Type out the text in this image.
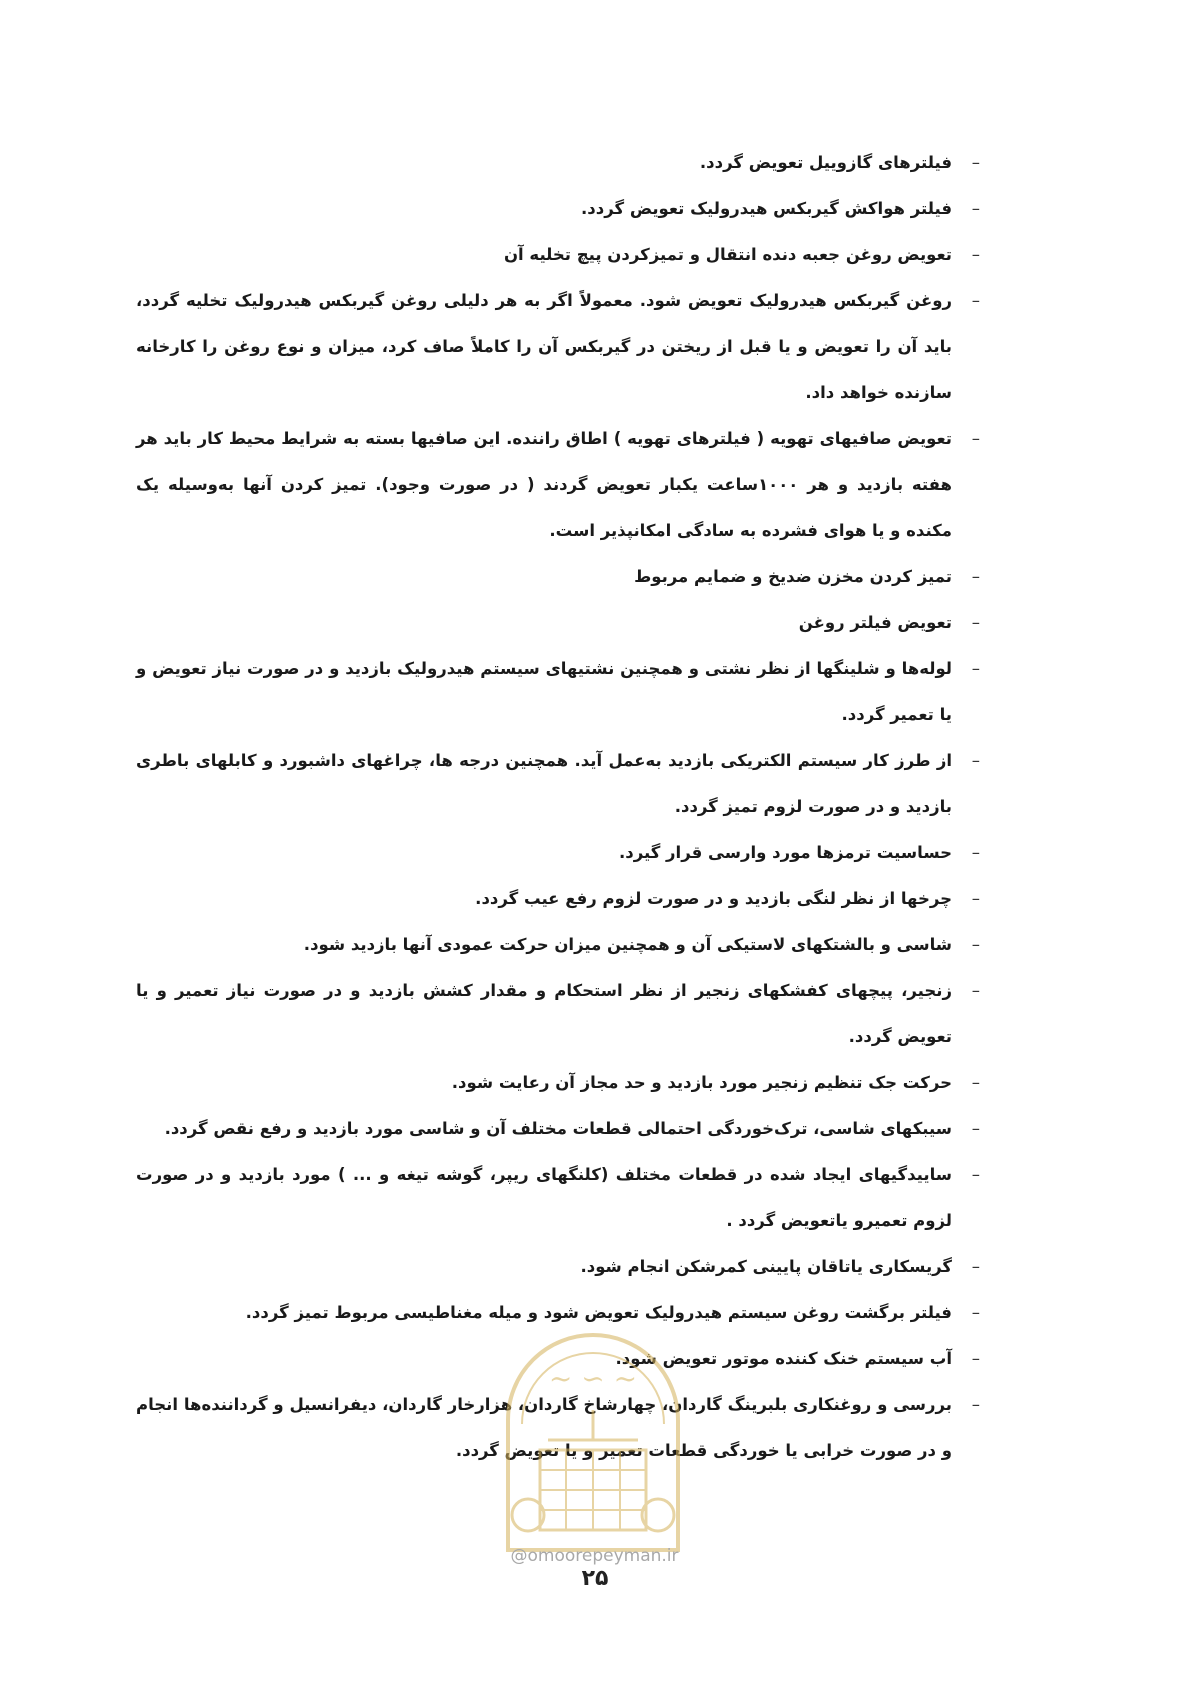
–
فیلترهای گازوییل تعویض گردد.
–
فیلتر هواکش گیربکس هیدرولیک تعویض گردد.
–
تعویض روغن جعبه دنده انتقال و تمیزکردن پیچ تخلیه آن
–
روغن گیربکس هیدرولیک تعویض شود. معمولاً اگر به هر دلیلی روغن گیربکس هیدرولیک تخلیه گردد، باید آن را تعویض و یا قبل از ریختن در گیربکس آن را کاملاً صاف کرد، میزان و نوع روغن را کارخانه سازنده خواهد داد.
–
تعویض صافیهای تهویه ( فیلترهای تهویه ) اطاق راننده. این صافیها بسته به شرایط محیط کار باید هر هفته بازدید و هر ۱۰۰۰ساعت یکبار تعویض گردند ( در صورت وجود). تمیز کردن آنها به‌وسیله یک مکنده و یا هوای فشرده به سادگی امکانپذیر است.
–
تمیز کردن مخزن ضدیخ و ضمایم مربوط
–
تعویض فیلتر روغن
–
لوله‌ها و شلینگها از نظر نشتی و همچنین نشتیهای سیستم هیدرولیک بازدید و در صورت نیاز تعویض و یا تعمیر گردد.
–
از طرز کار سیستم الکتریکی بازدید به‌عمل آید. همچنین درجه ها، چراغهای داشبورد و کابلهای باطری بازدید و در صورت لزوم تمیز گردد.
–
حساسیت ترمزها مورد وارسی قرار گیرد.
–
چرخها از نظر لنگی بازدید و در صورت لزوم رفع عیب گردد.
–
شاسی و بالشتکهای لاستیکی آن و همچنین میزان حرکت عمودی آنها بازدید شود.
–
زنجیر، پیچهای کفشکهای زنجیر از نظر استحکام و مقدار کشش بازدید و در صورت نیاز تعمیر و یا تعویض گردد.
–
حرکت جک تنظیم زنجیر مورد بازدید و حد مجاز آن رعایت شود.
–
سیبکهای شاسی، ترک‌خوردگی احتمالی قطعات مختلف آن و شاسی مورد بازدید و رفع نقص گردد.
–
ساییدگیهای ایجاد شده در قطعات مختلف (کلنگهای ریپر، گوشه تیغه و ... ) مورد بازدید و در صورت لزوم تعمیرو یاتعویض گردد .
–
گریسکاری یاتاقان پایینی کمرشکن انجام شود.
–
فیلتر برگشت روغن سیستم هیدرولیک تعویض شود و میله مغناطیسی مربوط تمیز گردد.
–
آب سیستم خنک کننده موتور تعویض شود.
–
بررسی و روغنکاری بلبرینگ گاردان، چهارشاخ گاردان، هزارخار گاردان، دیفرانسیل و گرداننده‌ها انجام و در صورت خرابی یا خوردگی قطعات تعمیر و یا تعویض گردد.
~ ∽ ~
@omoorepeyman.ir
۲۵
